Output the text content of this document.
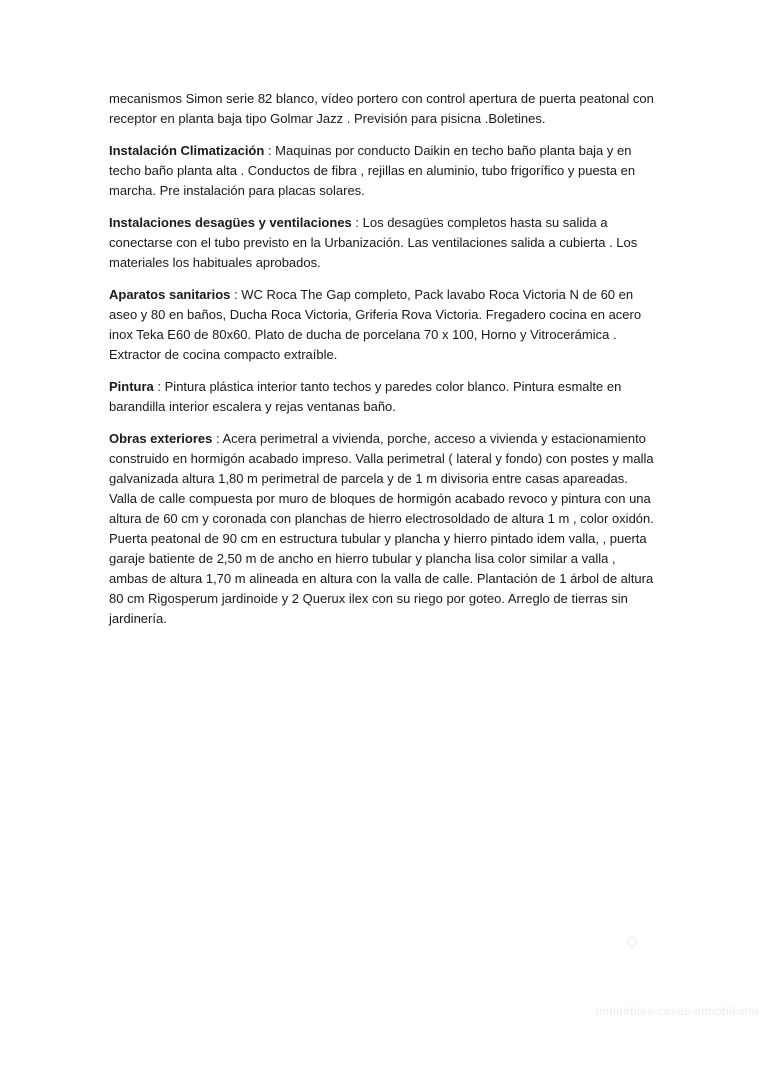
mecanismos Simon serie 82 blanco, vídeo portero con control apertura de puerta peatonal con receptor en planta baja tipo Golmar Jazz . Previsión para pisicna .Boletines.

Instalación Climatización : Maquinas por conducto Daikin en techo baño planta baja y en techo baño planta alta . Conductos de fibra , rejillas en aluminio, tubo frigorífico y puesta en marcha. Pre instalación para placas solares.

Instalaciones desagües y ventilaciones : Los desagües completos hasta su salida a conectarse con el tubo previsto en la Urbanización. Las ventilaciones salida a cubierta . Los materiales los habituales aprobados.

Aparatos sanitarios : WC Roca The Gap completo, Pack lavabo Roca Victoria N de 60 en aseo y 80 en baños, Ducha Roca Victoria, Griferia Rova Victoria. Fregadero cocina en acero inox Teka E60 de 80x60. Plato de ducha de porcelana 70 x 100, Horno y Vitrocerámica . Extractor de cocina compacto extraíble.

Pintura : Pintura plástica interior tanto techos y paredes color blanco. Pintura esmalte en barandilla interior escalera y rejas ventanas baño.

Obras exteriores : Acera perimetral a vivienda, porche, acceso a vivienda y estacionamiento construido en hormigón acabado impreso. Valla perimetral ( lateral y fondo) con postes y malla galvanizada altura 1,80 m perimetral de parcela y de 1 m divisoria entre casas apareadas. Valla de calle compuesta por muro de bloques de hormigón acabado revoco y pintura con una altura de 60 cm y coronada con planchas de hierro electrosoldado de altura 1 m , color oxidón. Puerta peatonal de 90 cm en estructura tubular y plancha y hierro pintado idem valla, , puerta garaje batiente de 2,50 m de ancho en hierro tubular y plancha lisa color similar a valla , ambas de altura 1,70 m alineada en altura con la valla de calle. Plantación de 1 árbol de altura 80 cm Rigosperum jardinoide y 2 Querux ilex con su riego por goteo. Arreglo de tierras sin jardinería.

inmuebles-casas-inmobiliaria
